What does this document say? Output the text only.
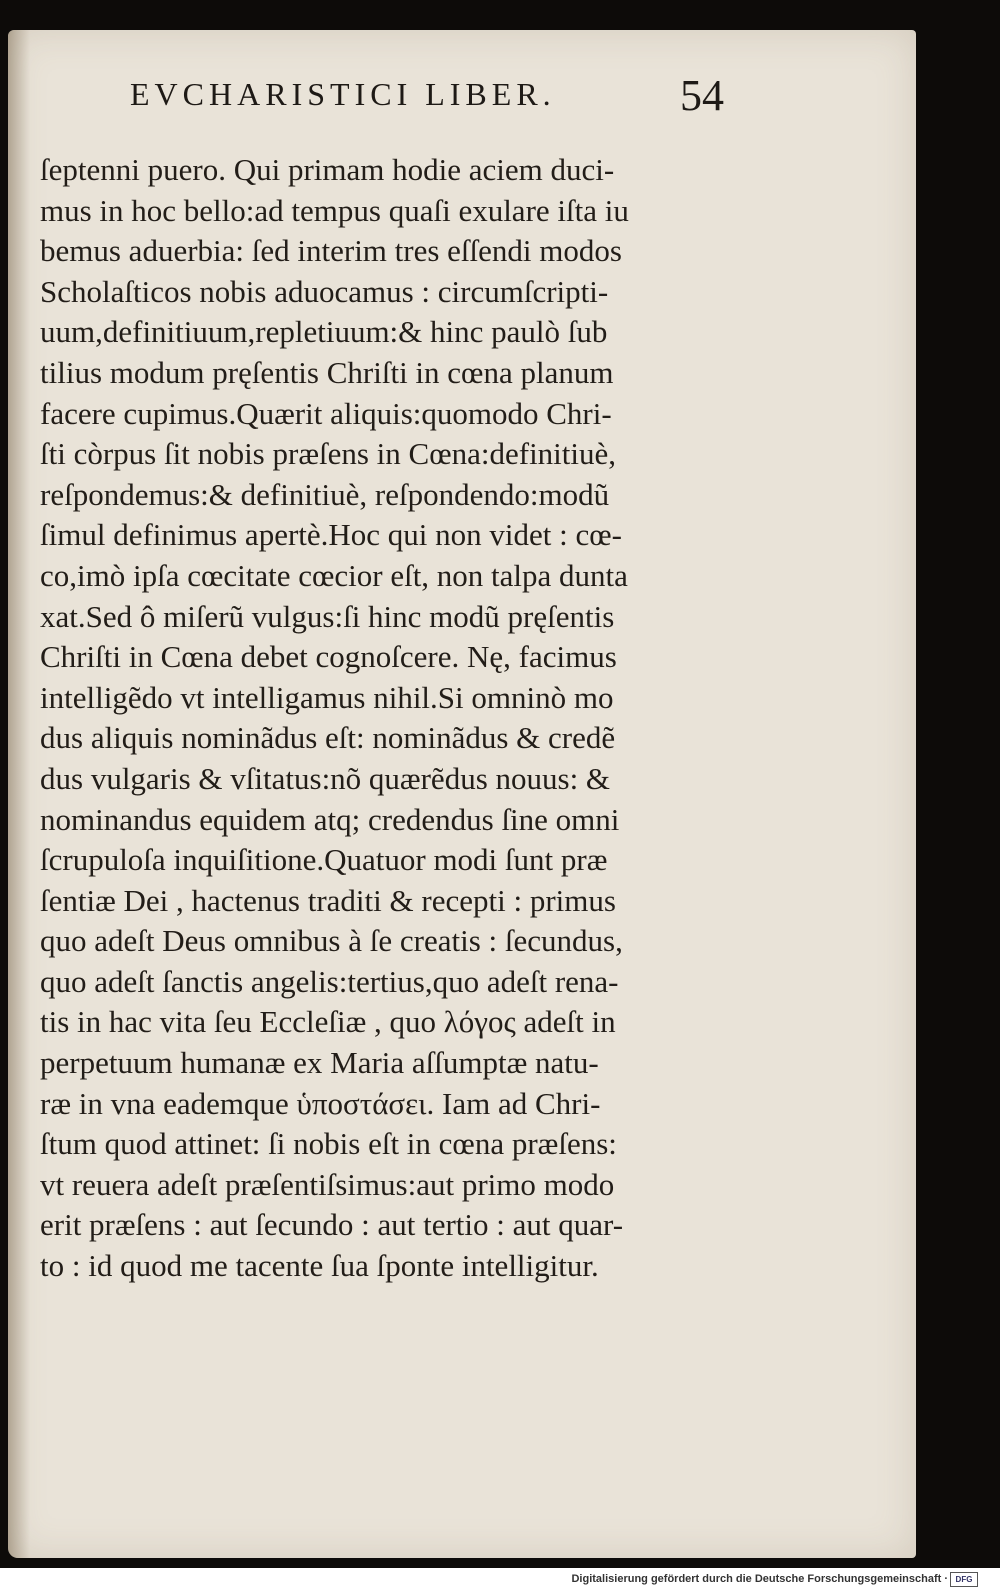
EVCHARISTICI LIBER.	54
ſeptenni puero. Qui primam hodie aciem duci-
mus in hoc bello:ad tempus quaſi exulare iſta iu
bemus aduerbia: ſed interim tres eſſendi modos
Scholaſticos nobis aduocamus : circumſcripti-
uum,definitiuum,repletiuum:& hinc paulò ſub
tilius modum pręſentis Chriſti in cœna planum
facere cupimus.Quærit aliquis:quomodo Chri-
ſti còrpus ſit nobis præſens in Cœna:definitiuè,
reſpondemus:& definitiuè, reſpondendo:modũ
ſimul definimus apertè.Hoc qui non videt : cœ-
co,imò ipſa cœcitate cœcior eſt, non talpa dunta
xat.Sed ô miſerũ vulgus:ſi hinc modũ pręſentis
Chriſti in Cœna debet cognoſcere. Nę, facimus
intelligẽdo vt intelligamus nihil.Si omninò mo
dus aliquis nominãdus eſt: nominãdus & credẽ
dus vulgaris & vſitatus:nõ quærẽdus nouus: &
nominandus equidem atq; credendus ſine omni
ſcrupuloſa inquiſitione.Quatuor modi ſunt præ
ſentiæ Dei , hactenus traditi & recepti : primus
quo adeſt Deus omnibus à ſe creatis : ſecundus,
quo adeſt ſanctis angelis:tertius,quo adeſt rena-
tis in hac vita ſeu Eccleſiæ , quo λόγος adeſt in
perpetuum humanæ ex Maria aſſumptæ natu-
ræ in vna eademque ὑποστάσει. Iam ad Chri-
ſtum quod attinet: ſi nobis eſt in cœna præſens:
vt reuera adeſt præſentiſsimus:aut primo modo
erit præſens : aut ſecundo : aut tertio : aut quar-
to : id quod me tacente ſua ſponte intelligitur.
Digitalisierung gefördert durch die Deutsche Forschungsgemeinschaft · DFG
